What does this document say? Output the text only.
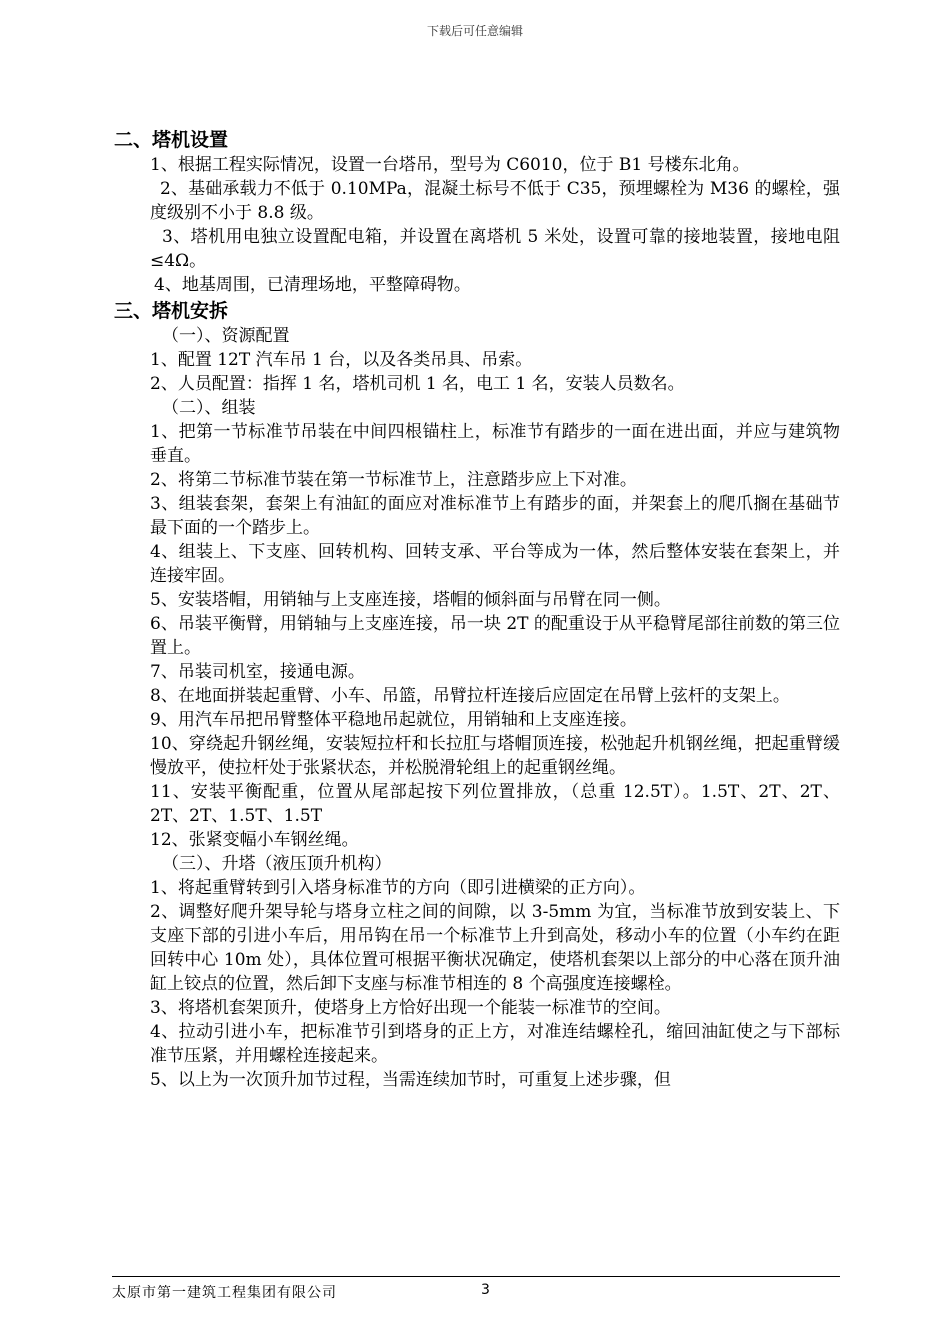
下载后可任意编辑
二、塔机设置

1、根据工程实际情况，设置一台塔吊，型号为 C6010，位于 B1 号楼东北角。

2、基础承载力不低于 0.10MPa，混凝土标号不低于 C35，预埋螺栓为 M36 的螺栓，强度级别不小于 8.8 级。

3、塔机用电独立设置配电箱，并设置在离塔机 5 米处，设置可靠的接地装置，接地电阻≤4Ω。

4、地基周围，已清理场地，平整障碍物。

三、塔机安拆

（一）、资源配置

1、配置 12T 汽车吊 1 台，以及各类吊具、吊索。

2、人员配置：指挥 1 名，塔机司机 1 名，电工 1 名，安装人员数名。

（二）、组装

1、把第一节标准节吊装在中间四根锚柱上，标准节有踏步的一面在进出面，并应与建筑物垂直。

2、将第二节标准节装在第一节标准节上，注意踏步应上下对准。

3、组装套架，套架上有油缸的面应对准标准节上有踏步的面，并架套上的爬爪搁在基础节最下面的一个踏步上。

4、组装上、下支座、回转机构、回转支承、平台等成为一体，然后整体安装在套架上，并连接牢固。

5、安装塔帽，用销轴与上支座连接，塔帽的倾斜面与吊臂在同一侧。

6、吊装平衡臂，用销轴与上支座连接，吊一块 2T 的配重设于从平稳臂尾部往前数的第三位置上。

7、吊装司机室，接通电源。

8、在地面拼装起重臂、小车、吊篮，吊臂拉杆连接后应固定在吊臂上弦杆的支架上。

9、用汽车吊把吊臂整体平稳地吊起就位，用销轴和上支座连接。

10、穿绕起升钢丝绳，安装短拉杆和长拉肛与塔帽顶连接，松弛起升机钢丝绳，把起重臂缓慢放平，使拉杆处于张紧状态，并松脱滑轮组上的起重钢丝绳。

11、安装平衡配重，位置从尾部起按下列位置排放，（总重 12.5T）。1.5T、2T、2T、2T、2T、1.5T、1.5T

12、张紧变幅小车钢丝绳。

（三）、升塔（液压顶升机构）

1、将起重臂转到引入塔身标准节的方向（即引进横梁的正方向）。

2、调整好爬升架导轮与塔身立柱之间的间隙，以 3-5mm 为宜，当标准节放到安装上、下支座下部的引进小车后，用吊钩在吊一个标准节上升到高处，移动小车的位置（小车约在距回转中心 10m 处），具体位置可根据平衡状况确定，使塔机套架以上部分的中心落在顶升油缸上铰点的位置，然后卸下支座与标准节相连的 8 个高强度连接螺栓。

3、将塔机套架顶升，使塔身上方恰好出现一个能装一标准节的空间。

4、拉动引进小车，把标准节引到塔身的正上方，对准连结螺栓孔，缩回油缸使之与下部标准节压紧，并用螺栓连接起来。

5、以上为一次顶升加节过程，当需连续加节时，可重复上述步骤，但

太原市第一建筑工程集团有限公司	3
